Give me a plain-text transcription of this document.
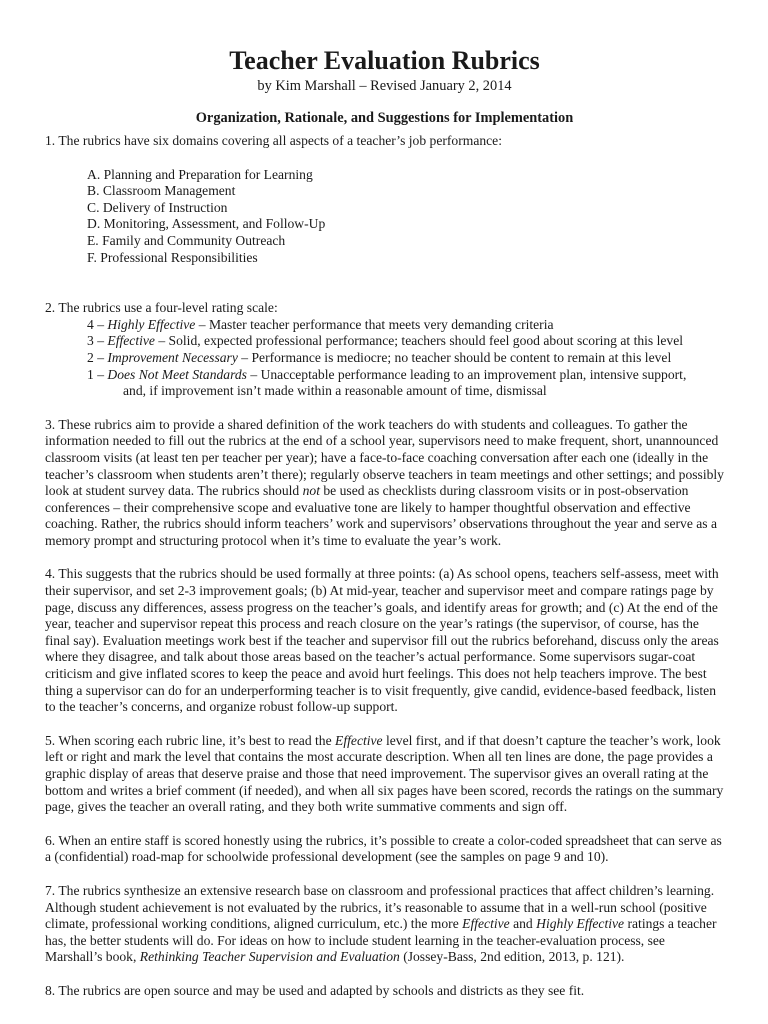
Teacher Evaluation Rubrics
by Kim Marshall – Revised January 2, 2014
Organization, Rationale, and Suggestions for Implementation

1. The rubrics have six domains covering all aspects of a teacher’s job performance:

A. Planning and Preparation for Learning
B. Classroom Management
C. Delivery of Instruction
D. Monitoring, Assessment, and Follow-Up
E. Family and Community Outreach
F. Professional Responsibilities

2. The rubrics use a four-level rating scale:
4 – Highly Effective – Master teacher performance that meets very demanding criteria
3 – Effective – Solid, expected professional performance; teachers should feel good about scoring at this level
2 – Improvement Necessary – Performance is mediocre; no teacher should be content to remain at this level
1 – Does Not Meet Standards – Unacceptable performance leading to an improvement plan, intensive support,
and, if improvement isn’t made within a reasonable amount of time, dismissal

3. These rubrics aim to provide a shared definition of the work teachers do with students and colleagues. To gather the information needed to fill out the rubrics at the end of a school year, supervisors need to make frequent, short, unannounced classroom visits (at least ten per teacher per year); have a face-to-face coaching conversation after each one (ideally in the teacher’s classroom when students aren’t there); regularly observe teachers in team meetings and other settings; and possibly look at student survey data. The rubrics should not be used as checklists during classroom visits or in post-observation conferences – their comprehensive scope and evaluative tone are likely to hamper thoughtful observation and effective coaching. Rather, the rubrics should inform teachers’ work and supervisors’ observations throughout the year and serve as a memory prompt and structuring protocol when it’s time to evaluate the year’s work.

4. This suggests that the rubrics should be used formally at three points: (a) As school opens, teachers self-assess, meet with their supervisor, and set 2-3 improvement goals; (b) At mid-year, teacher and supervisor meet and compare ratings page by page, discuss any differences, assess progress on the teacher’s goals, and identify areas for growth; and (c) At the end of the year, teacher and supervisor repeat this process and reach closure on the year’s ratings (the supervisor, of course, has the final say). Evaluation meetings work best if the teacher and supervisor fill out the rubrics beforehand, discuss only the areas where they disagree, and talk about those areas based on the teacher’s actual performance. Some supervisors sugar-coat criticism and give inflated scores to keep the peace and avoid hurt feelings. This does not help teachers improve. The best thing a supervisor can do for an underperforming teacher is to visit frequently, give candid, evidence-based feedback, listen to the teacher’s concerns, and organize robust follow-up support.

5. When scoring each rubric line, it’s best to read the Effective level first, and if that doesn’t capture the teacher’s work, look left or right and mark the level that contains the most accurate description. When all ten lines are done, the page provides a graphic display of areas that deserve praise and those that need improvement. The supervisor gives an overall rating at the bottom and writes a brief comment (if needed), and when all six pages have been scored, records the ratings on the summary page, gives the teacher an overall rating, and they both write summative comments and sign off.

6. When an entire staff is scored honestly using the rubrics, it’s possible to create a color-coded spreadsheet that can serve as a (confidential) road-map for schoolwide professional development (see the samples on page 9 and 10).

7. The rubrics synthesize an extensive research base on classroom and professional practices that affect children’s learning. Although student achievement is not evaluated by the rubrics, it’s reasonable to assume that in a well-run school (positive climate, professional working conditions, aligned curriculum, etc.) the more Effective and Highly Effective ratings a teacher has, the better students will do. For ideas on how to include student learning in the teacher-evaluation process, see Marshall’s book, Rethinking Teacher Supervision and Evaluation (Jossey-Bass, 2nd edition, 2013, p. 121).

8. The rubrics are open source and may be used and adapted by schools and districts as they see fit.
